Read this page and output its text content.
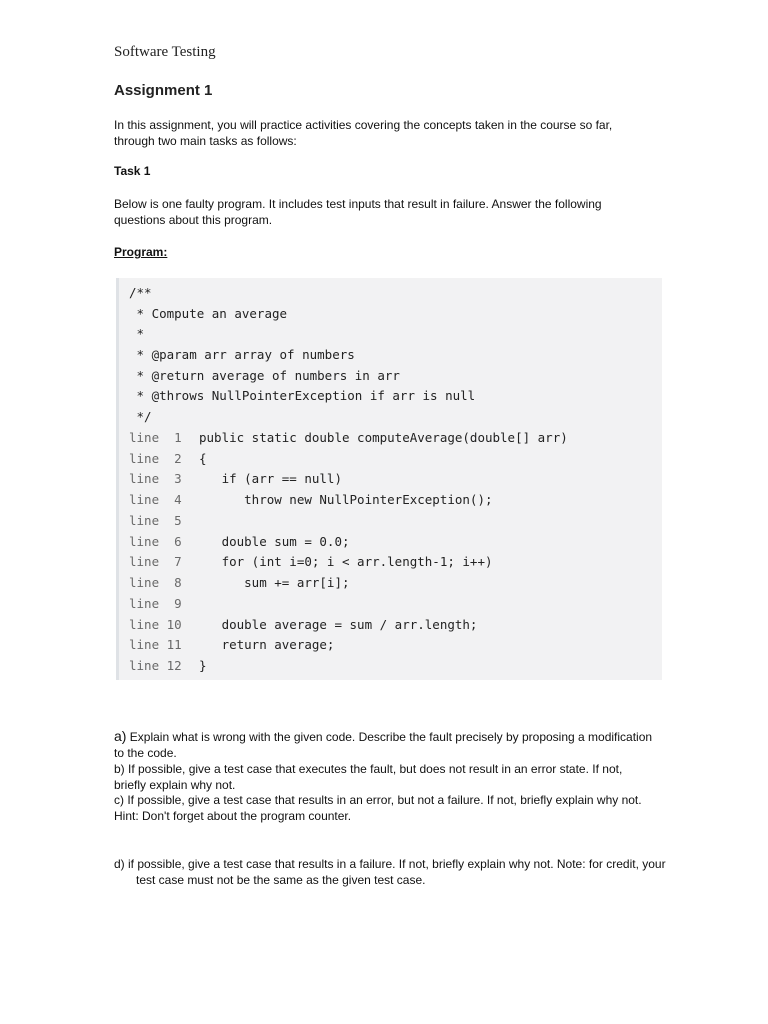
Software Testing
Assignment 1
In this assignment, you will practice activities covering the concepts taken in the course so far, through two main tasks as follows:
Task 1
Below is one faulty program. It includes test inputs that result in failure. Answer the following questions about this program.
Program:
/**
* Compute an average
*
* @param arr array of numbers
* @return average of numbers in arr
* @throws NullPointerException if arr is null
*/
line  1 public static double computeAverage(double[] arr)
line  2 {
line  3   if (arr == null)
line  4      throw new NullPointerException();
line  5
line  6   double sum = 0.0;
line  7   for (int i=0; i < arr.length-1; i++)
line  8      sum += arr[i];
line  9
line 10   double average = sum / arr.length;
line 11   return average;
line 12 }
a) Explain what is wrong with the given code. Describe the fault precisely by proposing a modification to the code.
b) If possible, give a test case that executes the fault, but does not result in an error state. If not, briefly explain why not.
c) If possible, give a test case that results in an error, but not a failure. If not, briefly explain why not. Hint: Don't forget about the program counter.
d) if possible, give a test case that results in a failure. If not, briefly explain why not. Note: for credit, your test case must not be the same as the given test case.
